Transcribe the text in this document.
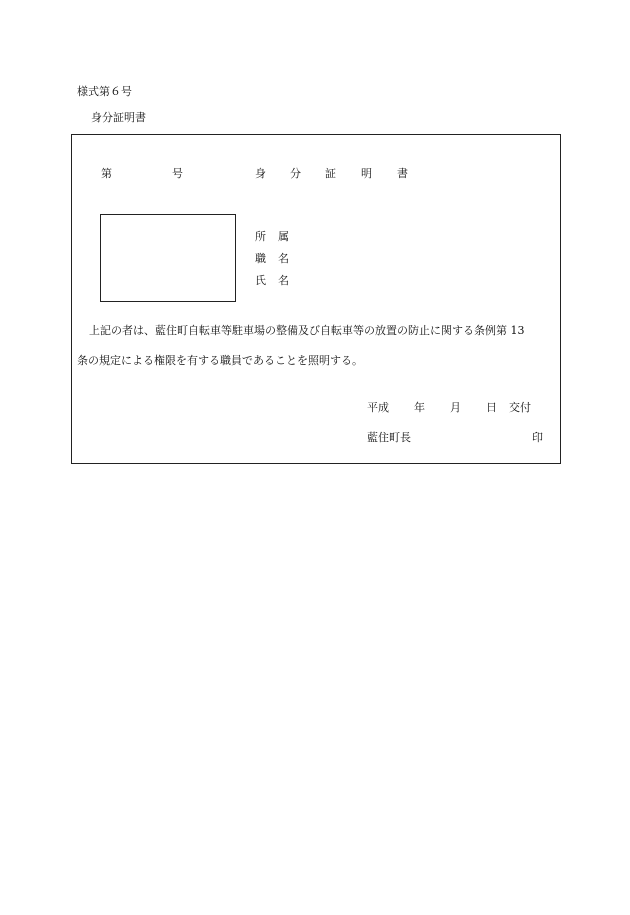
様式第６号
身分証明書
第	号	身 分 証 明 書
所 属
職 名
氏 名
上記の者は、藍住町自転車等駐車場の整備及び自転車等の放置の防止に関する条例第 13
条の規定による権限を有する職員であることを照明する。
平成 年 月 日 交付
藍住町長	印
